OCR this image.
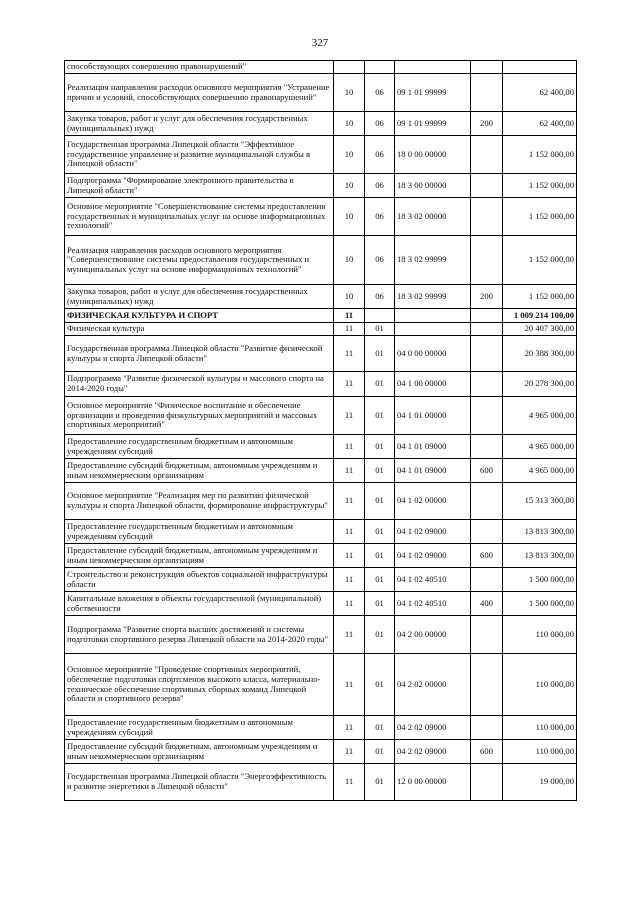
327
способствующих совершению правонарушений"					
Реализация направления расходов основного мероприятия "Устранение причин и условий, способствующих совершению правонарушений"	10	06	09 1 01 99999		62 400,00
Закупка товаров, работ и услуг для обеспечения государственных (муниципальных) нужд	10	06	09 1 01 99999	200	62 400,00
Государственная программа Липецкой области "Эффективное государственное управление и развитие муниципальной службы в Липецкой области"	10	06	18 0 00 00000		1 152 000,00
Подпрограмма "Формирование электронного правительства в Липецкой области"	10	06	18 3 00 00000		1 152 000,00
Основное мероприятие "Совершенствование системы предоставления государственных и муниципальных услуг на основе информационных технологий"	10	06	18 3 02 00000		1 152 000,00
Реализация направления расходов основного мероприятия "Совершенствование системы предоставления государственных и муниципальных услуг на основе информационных технологий"	10	06	18 3 02 99999		1 152 000,00
Закупка товаров, работ и услуг для обеспечения государственных (муниципальных) нужд	10	06	18 3 02 99999	200	1 152 000,00
ФИЗИЧЕСКАЯ КУЛЬТУРА И СПОРТ	11				1 009 214 100,00
Физическая культура	11	01			20 407 300,00
Государственная программа Липецкой области "Развитие физической культуры и спорта Липецкой области"	11	01	04 0 00 00000		20 388 300,00
Подпрограмма "Развитие физической культуры и массового спорта на 2014-2020 годы"	11	01	04 1 00 00000		20 278 300,00
Основное мероприятие "Физическое воспитание и обеспечение организации и проведения физкультурных мероприятий и массовых спортивных мероприятий"	11	01	04 1 01 00000		4 965 000,00
Предоставление государственным бюджетным и автономным учреждениям субсидий	11	01	04 1 01 09000		4 965 000,00
Предоставление субсидий бюджетным, автономным учреждениям и иным некоммерческим организациям	11	01	04 1 01 09000	600	4 965 000,00
Основное мероприятие "Реализация мер по развитию физической культуры и спорта Липецкой области, формирование инфраструктуры"	11	01	04 1 02 00000		15 313 300,00
Предоставление государственным бюджетным и автономным учреждениям субсидий	11	01	04 1 02 09000		13 813 300,00
Предоставление субсидий бюджетным, автономным учреждениям и иным некоммерческим организациям	11	01	04 1 02 09000	600	13 813 300,00
Строительство и реконструкция объектов социальной инфраструктуры области	11	01	04 1 02 40510		1 500 000,00
Капитальные вложения в объекты государственной (муниципальной) собственности	11	01	04 1 02 40510	400	1 500 000,00
Подпрограмма "Развитие спорта высших достижений и системы подготовки спортивного резерва Липецкой области на 2014-2020 годы"	11	01	04 2 00 00000		110 000,00
Основное мероприятие "Проведение спортивных мероприятий, обеспечение подготовки спортсменов высокого класса, материально-техническое обеспечение спортивных сборных команд Липецкой области и спортивного резерва"	11	01	04 2 02 00000		110 000,00
Предоставление государственным бюджетным и автономным учреждениям субсидий	11	01	04 2 02 09000		110 000,00
Предоставление субсидий бюджетным, автономным учреждениям и иным некоммерческим организациям	11	01	04 2 02 09000	600	110 000,00
Государственная программа Липецкой области "Энергоэффективность и развитие энергетики в Липецкой области"	11	01	12 0 00 00000		19 000,00
